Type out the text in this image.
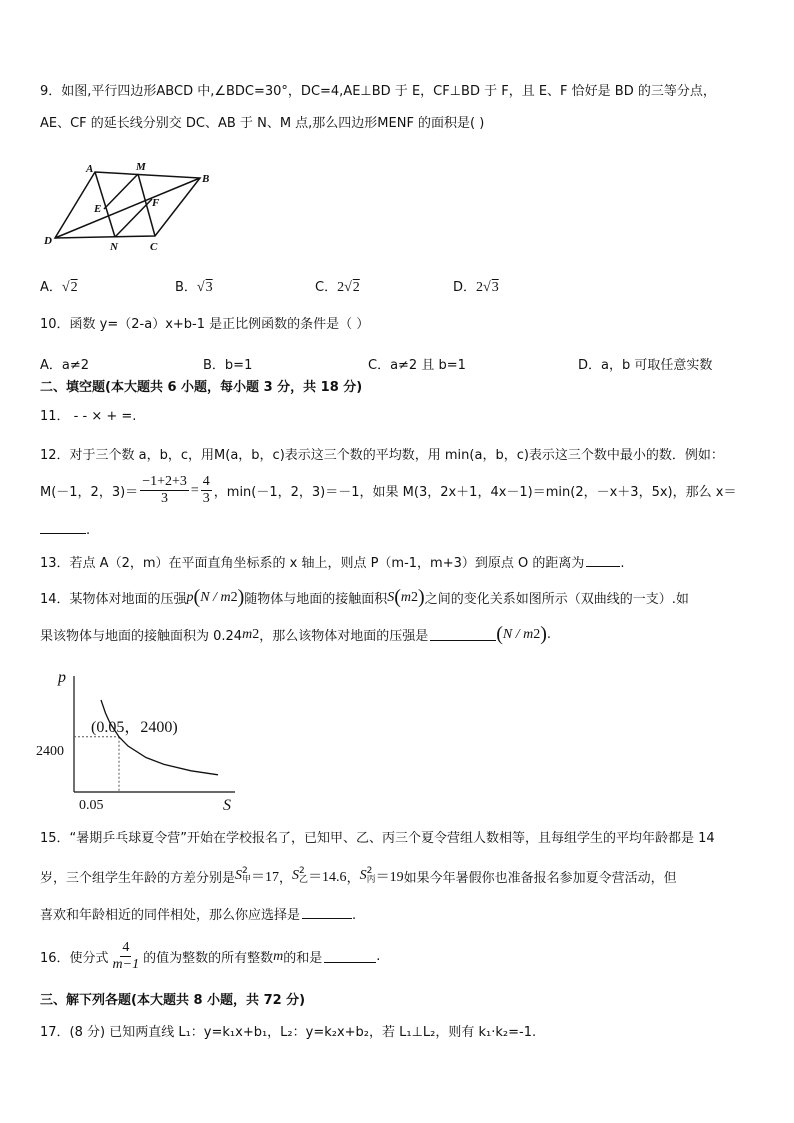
9．如图,平行四边形ABCD 中,∠BDC=30°，DC=4,AE⊥BD 于 E，CF⊥BD 于 F，且 E、F 恰好是 BD 的三等分点，
AE、CF 的延长线分别交 DC、AB 于 N、M 点,那么四边形MENF 的面积是( )
A	M
B
E	F
D	N	C
A．√2	B．√3	C．2√2	D．2√3
10．函数 y=（2-a）x+b-1 是正比例函数的条件是（ ）
A．a≠2	B．b=1	C．a≠2 且 b=1	D．a，b 可取任意实数
二、填空题(本大题共 6 小题，每小题 3 分，共 18 分)
11． - - × + =.
12．对于三个数 a，b，c，用M(a，b，c)表示这三个数的平均数，用 min(a，b，c)表示这三个数中最小的数．例如：
M(－1，2，$3)= \frac{-1+2+3}{3} = \frac{4}{3}$ ，min(－1，2，3)＝－1，如果 M(3，2x＋1，4x－1)＝min(2，－x＋3，5x)，那么 x＝
.
13．若点 A（2，m）在平面直角坐标系的 x 轴上，则点 P（m-1，m+3）到原点 O 的距离为	.
14．某物体对地面的压强 p ( N / m 2 ) 随物体与地面的接触面积 S ( m 2 ) 之间的变化关系如图所示（双曲线的一支）.如
果该物体与地面的接触面积为 0.24 m 2 ，那么该物体对地面的压强是	( N / m 2 ) .
p
S
(0.05，2400)
2400
0.05
15．“暑期乒乓球夏令营”开始在学校报名了，已知甲、乙、丙三个夏令营组人数相等，且每组学生的平均年龄都是 14
岁，三个组学生年龄的方差分别是 S 2
甲 ＝17 ， S 2
乙 ＝14.6 ， S 2
丙 ＝19 如果今年暑假你也准备报名参加夏令营活动，但
喜欢和年龄相近的同伴相处，那么你应选择是	.
16．使分式 $\frac{4}{m-1}$ 的值为整数的所有整数 m 的和是	.
三、解下列各题(本大题共 8 小题，共 72 分)
17．(8 分) 已知两直线 L₁：y=k₁x+b₁，L₂：y=k₂x+b₂，若 L₁⊥L₂，则有 k₁·k₂=-1.
